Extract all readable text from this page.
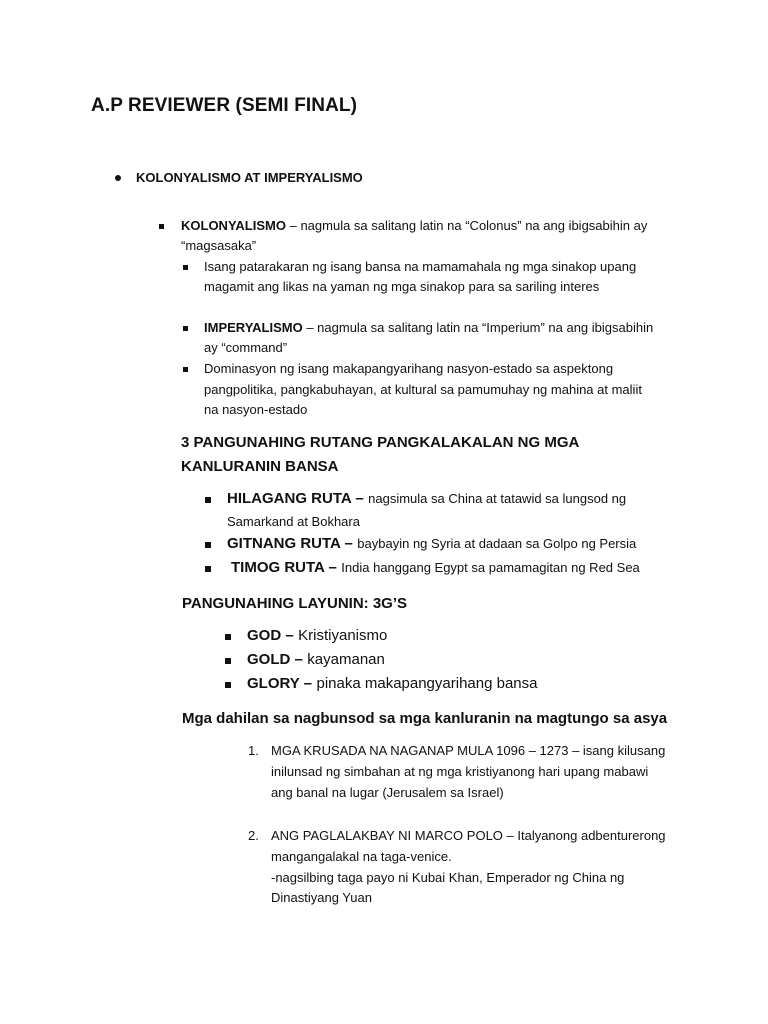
A.P REVIEWER (SEMI FINAL)
KOLONYALISMO AT IMPERYALISMO
KOLONYALISMO – nagmula sa salitang latin na “Colonus” na ang ibigsabihin ay
“magsasaka”
Isang patarakaran ng isang bansa na mamamahala ng mga sinakop upang
magamit ang likas na yaman ng mga sinakop para sa sariling interes
IMPERYALISMO – nagmula sa salitang latin na “Imperium” na ang ibigsabihin
ay “command”
Dominasyon ng isang makapangyarihang nasyon-estado sa aspektong
pangpolitika, pangkabuhayan, at kultural sa pamumuhay ng mahina at maliit
na nasyon-estado
3 PANGUNAHING RUTANG PANGKALAKALAN NG MGA
KANLURANIN BANSA
HILAGANG RUTA – nagsimula sa China at tatawid sa lungsod ng
Samarkand at Bokhara
GITNANG RUTA – baybayin ng Syria at dadaan sa Golpo ng Persia
TIMOG RUTA – India hanggang Egypt sa pamamagitan ng Red Sea
PANGUNAHING LAYUNIN: 3G’S
GOD – Kristiyanismo
GOLD – kayamanan
GLORY – pinaka makapangyarihang bansa
Mga dahilan sa nagbunsod sa mga kanluranin na magtungo sa asya
1. MGA KRUSADA NA NAGANAP MULA 1096 – 1273 – isang kilusang
inilunsad ng simbahan at ng mga kristiyanong hari upang mabawi
ang banal na lugar (Jerusalem sa Israel)
2. ANG PAGLALAKBAY NI MARCO POLO – Italyanong adbenturerong
mangangalakal na taga-venice.
-nagsilbing taga payo ni Kubai Khan, Emperador ng China ng
Dinastiyang Yuan
